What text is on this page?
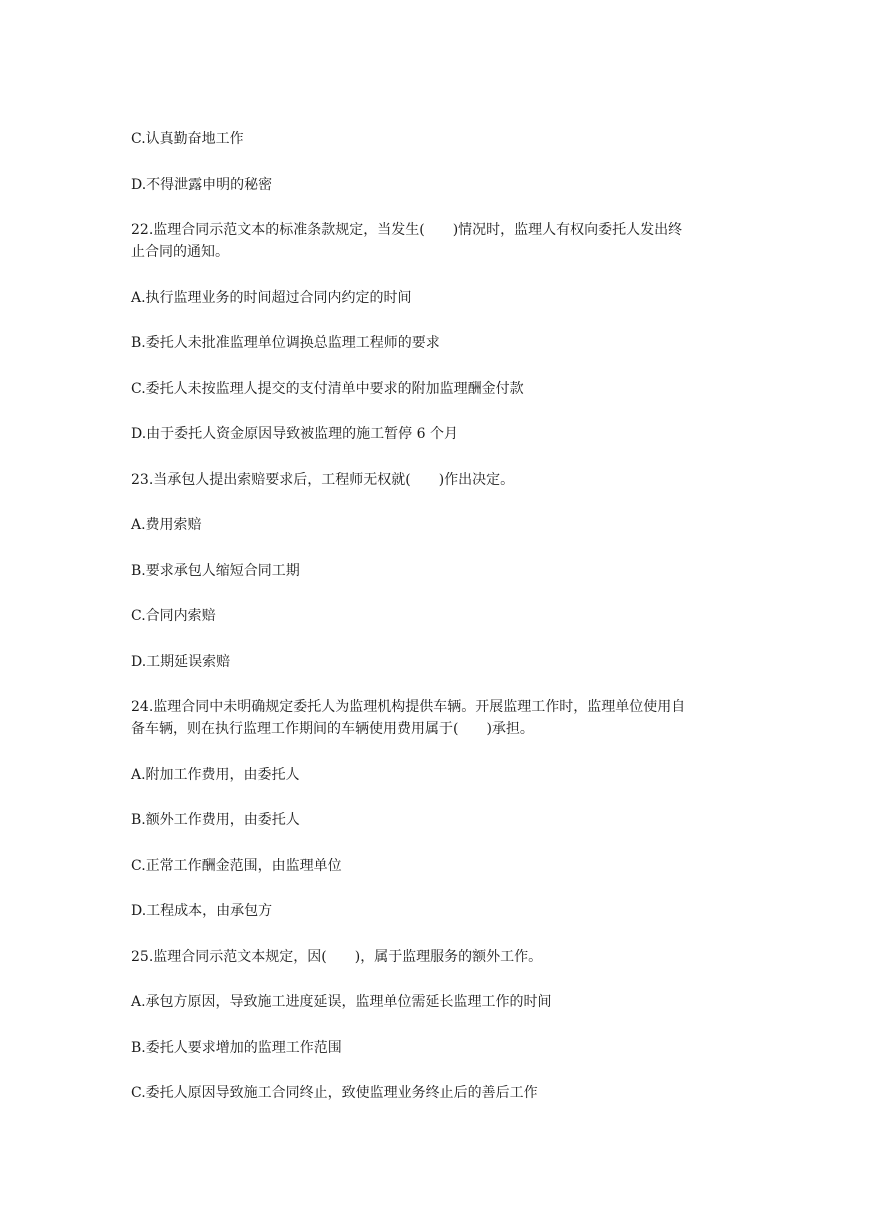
C.认真勤奋地工作

D.不得泄露申明的秘密

22.监理合同示范文本的标准条款规定，当发生(　　)情况时，监理人有权向委托人发出终

止合同的通知。

A.执行监理业务的时间超过合同内约定的时间

B.委托人未批准监理单位调换总监理工程师的要求

C.委托人未按监理人提交的支付清单中要求的附加监理酬金付款

D.由于委托人资金原因导致被监理的施工暂停 6 个月

23.当承包人提出索赔要求后，工程师无权就(　　)作出决定。

A.费用索赔

B.要求承包人缩短合同工期

C.合同内索赔

D.工期延误索赔

24.监理合同中未明确规定委托人为监理机构提供车辆。开展监理工作时，监理单位使用自

备车辆，则在执行监理工作期间的车辆使用费用属于(　　)承担。

A.附加工作费用，由委托人

B.额外工作费用，由委托人

C.正常工作酬金范围，由监理单位

D.工程成本，由承包方

25.监理合同示范文本规定，因(　　)，属于监理服务的额外工作。

A.承包方原因，导致施工进度延误，监理单位需延长监理工作的时间

B.委托人要求增加的监理工作范围

C.委托人原因导致施工合同终止，致使监理业务终止后的善后工作
